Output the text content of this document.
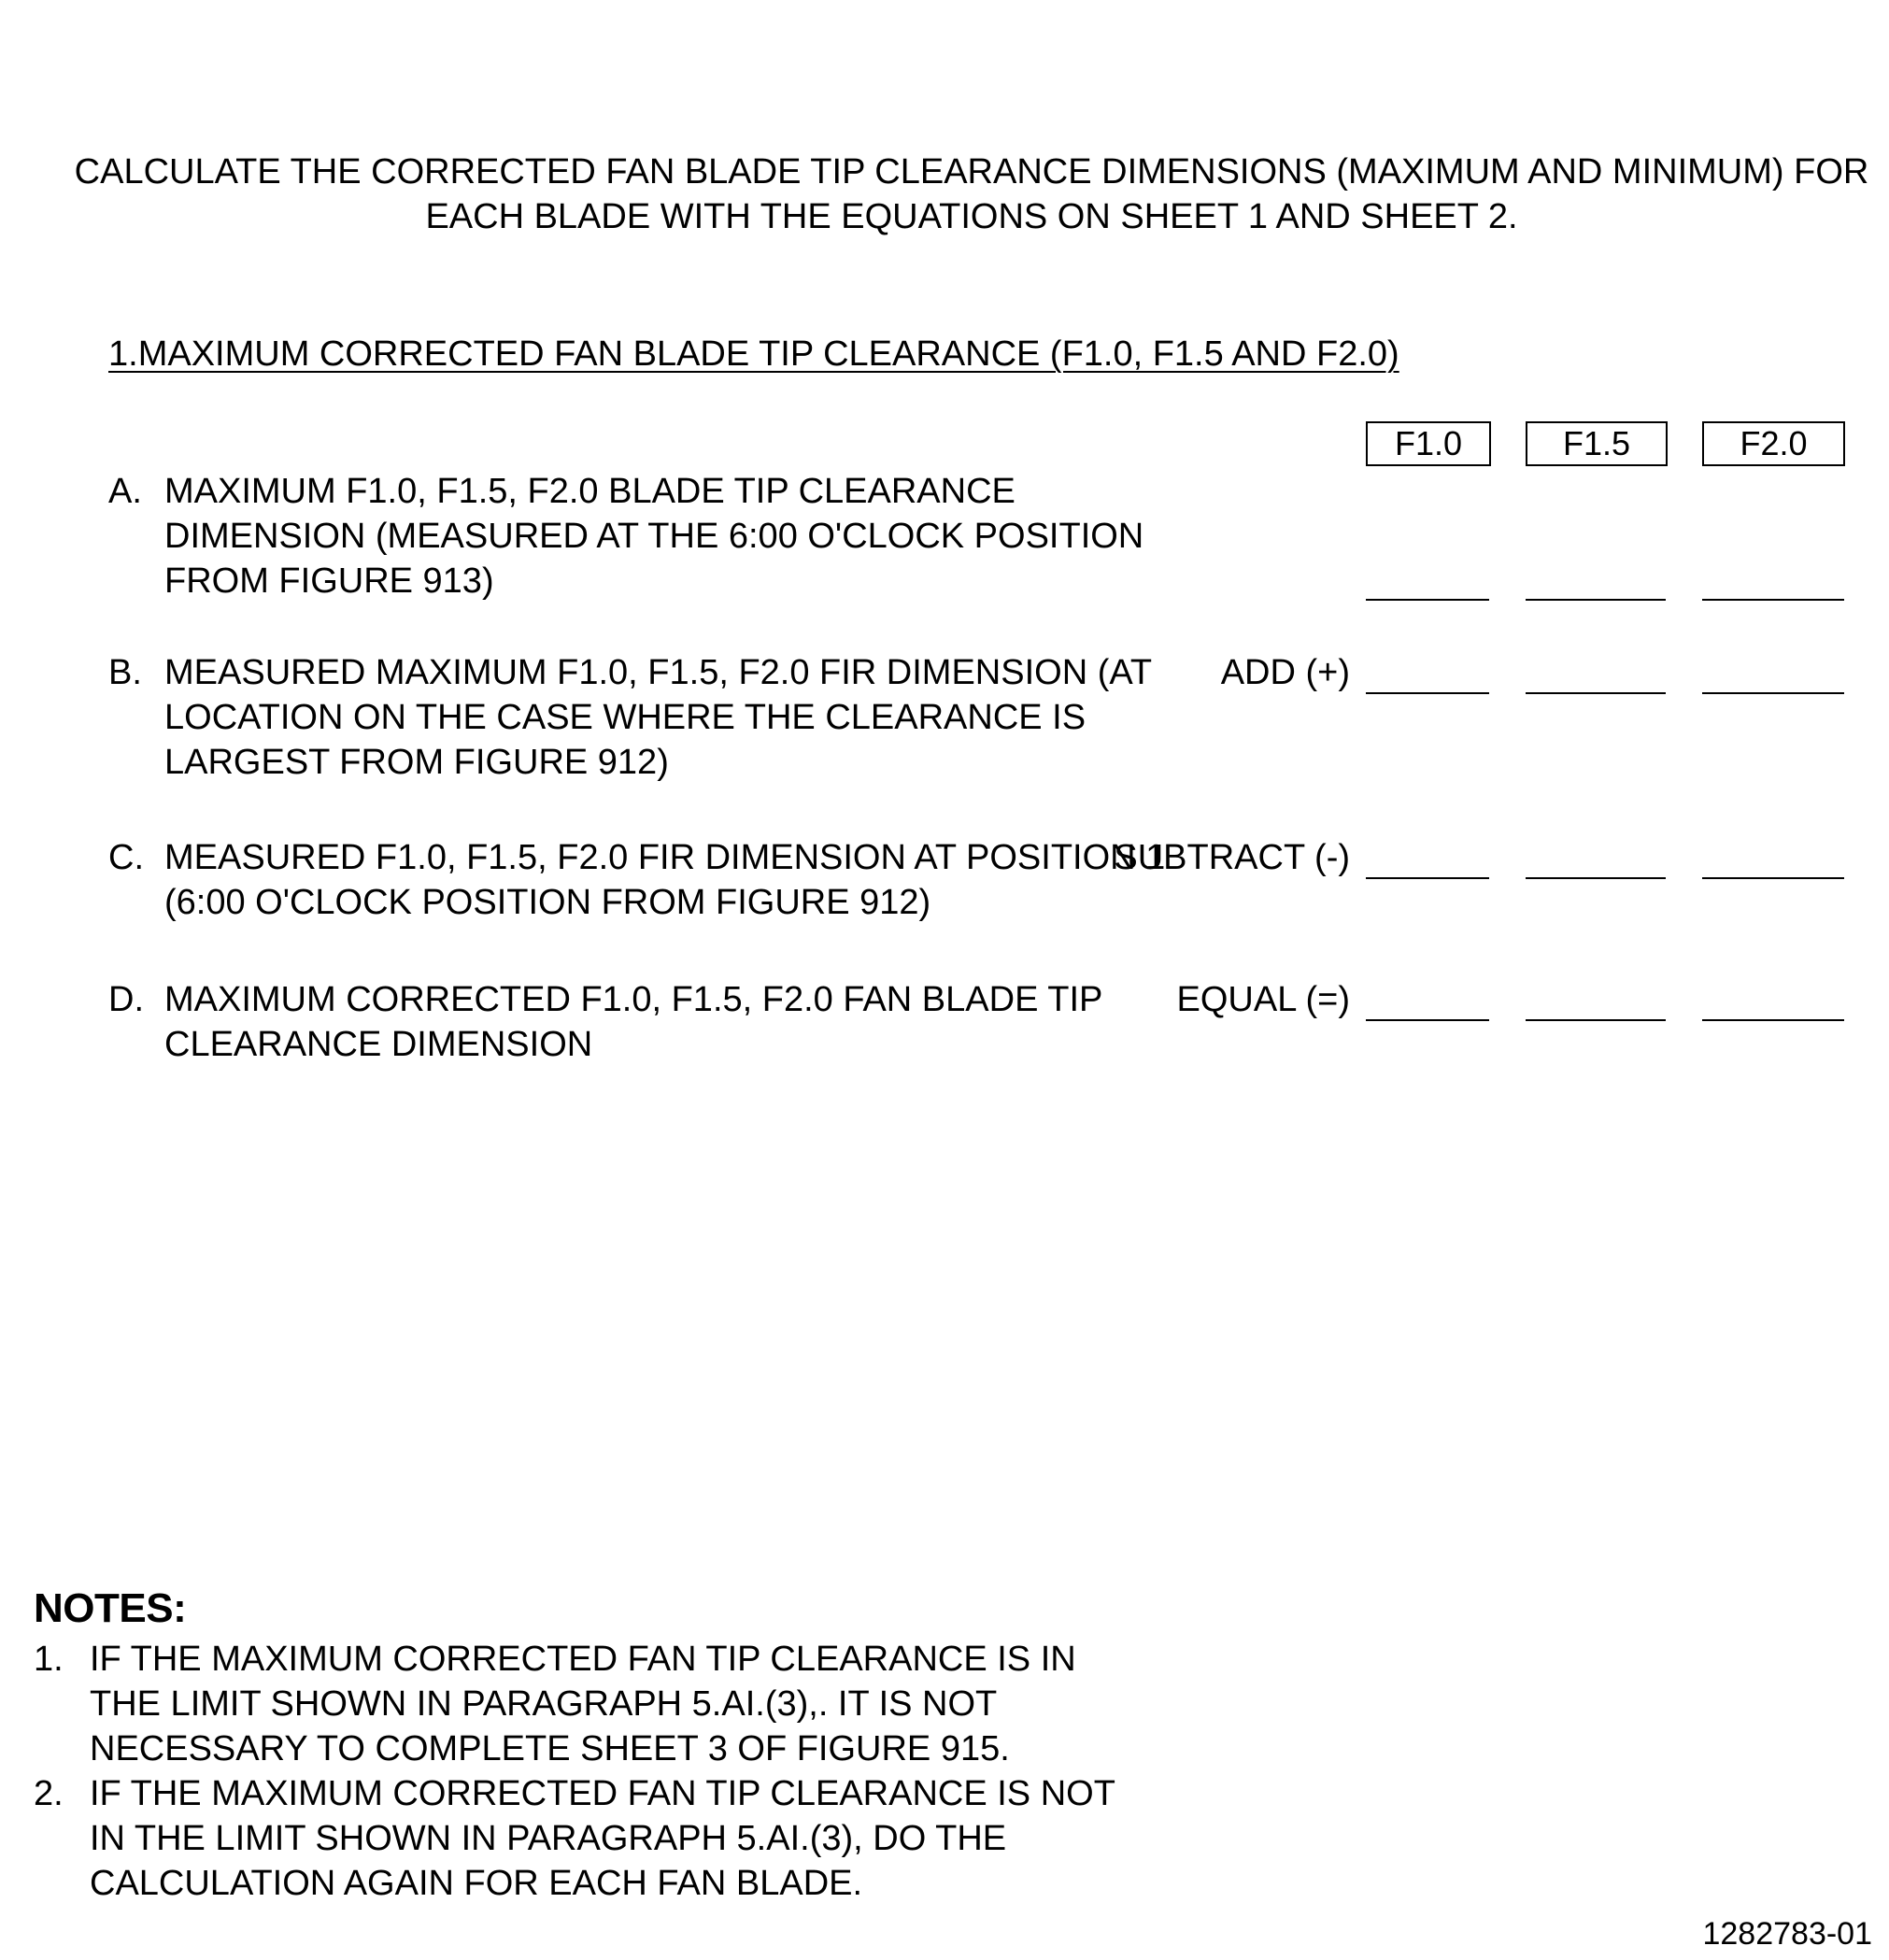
CALCULATE THE CORRECTED FAN BLADE TIP CLEARANCE DIMENSIONS (MAXIMUM AND MINIMUM) FOR
EACH BLADE WITH THE EQUATIONS ON SHEET 1 AND SHEET 2.
1.MAXIMUM CORRECTED FAN BLADE TIP CLEARANCE (F1.0, F1.5 AND F2.0)
F1.0	F1.5	F2.0
A. MAXIMUM F1.0, F1.5, F2.0 BLADE TIP CLEARANCE
DIMENSION (MEASURED AT THE 6:00 O'CLOCK POSITION
FROM FIGURE 913)
B. MEASURED MAXIMUM F1.0, F1.5, F2.0 FIR DIMENSION (AT
LOCATION ON THE CASE WHERE THE CLEARANCE IS
LARGEST FROM FIGURE 912)
ADD (+)
C. MEASURED F1.0, F1.5, F2.0 FIR DIMENSION AT POSITION 1
(6:00 O'CLOCK POSITION FROM FIGURE 912)
SUBTRACT (-)
D. MAXIMUM CORRECTED F1.0, F1.5, F2.0 FAN BLADE TIP
CLEARANCE DIMENSION
EQUAL (=)
NOTES:
1. IF THE MAXIMUM CORRECTED FAN TIP CLEARANCE IS IN
THE LIMIT SHOWN IN PARAGRAPH 5.AI.(3),. IT IS NOT
NECESSARY TO COMPLETE SHEET 3 OF FIGURE 915.
2. IF THE MAXIMUM CORRECTED FAN TIP CLEARANCE IS NOT
IN THE LIMIT SHOWN IN PARAGRAPH 5.AI.(3), DO THE
CALCULATION AGAIN FOR EACH FAN BLADE.
1282783-01
